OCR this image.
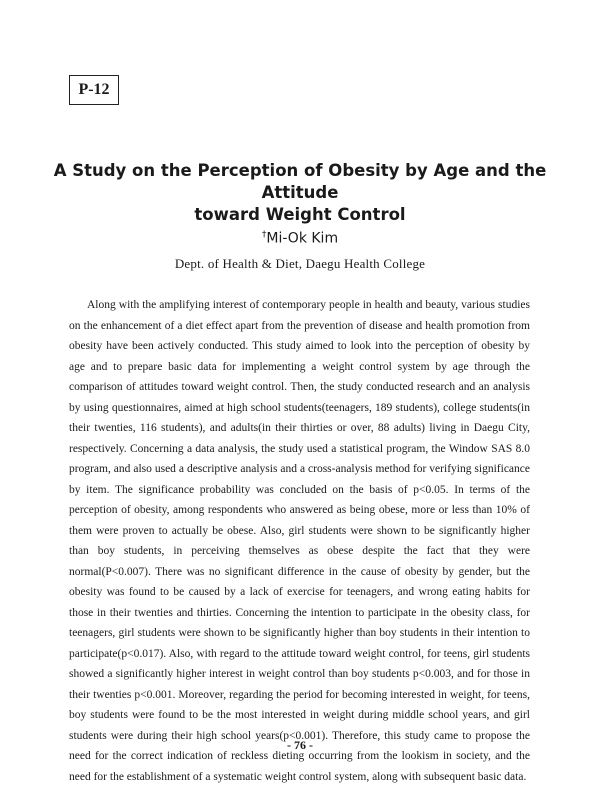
P-12
A Study on the Perception of Obesity by Age and the Attitude
toward Weight Control
†Mi-Ok Kim
Dept. of Health & Diet, Daegu Health College

Along with the amplifying interest of contemporary people in health and beauty, various studies on the enhancement of a diet effect apart from the prevention of disease and health promotion from obesity have been actively conducted. This study aimed to look into the perception of obesity by age and to prepare basic data for implementing a weight control system by age through the comparison of attitudes toward weight control. Then, the study conducted research and an analysis by using questionnaires, aimed at high school students(teenagers, 189 students), college students(in their twenties, 116 students), and adults(in their thirties or over, 88 adults) living in Daegu City, respectively. Concerning a data analysis, the study used a statistical program, the Window SAS 8.0 program, and also used a descriptive analysis and a cross-analysis method for verifying significance by item. The significance probability was concluded on the basis of p<0.05. In terms of the perception of obesity, among respondents who answered as being obese, more or less than 10% of them were proven to actually be obese. Also, girl students were shown to be significantly higher than boy students, in perceiving themselves as obese despite the fact that they were normal(P<0.007). There was no significant difference in the cause of obesity by gender, but the obesity was found to be caused by a lack of exercise for teenagers, and wrong eating habits for those in their twenties and thirties. Concerning the intention to participate in the obesity class, for teenagers, girl students were shown to be significantly higher than boy students in their intention to participate(p<0.017). Also, with regard to the attitude toward weight control, for teens, girl students showed a significantly higher interest in weight control than boy students p<0.003, and for those in their twenties p<0.001. Moreover, regarding the period for becoming interested in weight, for teens, boy students were found to be the most interested in weight during middle school years, and girl students were during their high school years(p<0.001). Therefore, this study came to propose the need for the correct indication of reckless dieting occurring from the lookism in society, and the need for the establishment of a systematic weight control system, along with subsequent basic data.

- 76 -
